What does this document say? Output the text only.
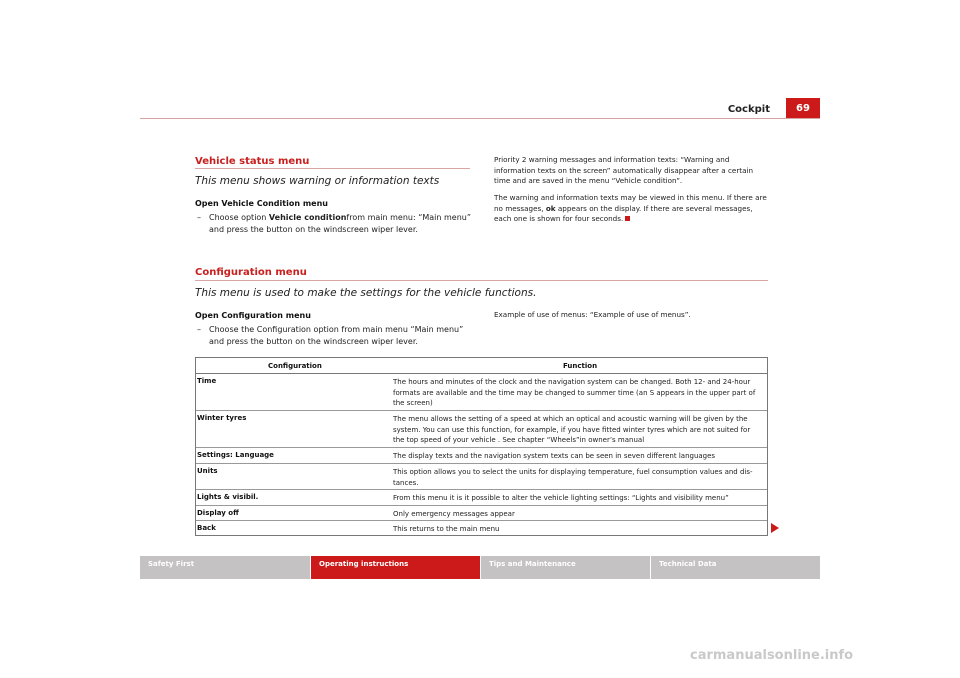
Cockpit	69
Vehicle status menu
This menu shows warning or information texts
Open Vehicle Condition menu
–	Choose option Vehicle conditionfrom main menu: “Main menu” and press the button on the windscreen wiper lever.
Priority 2 warning messages and information texts: “Warning and information texts on the screen” automatically disappear after a certain time and are saved in the menu “Vehicle condition”.
The warning and information texts may be viewed in this menu. If there are no messages, ok appears on the display. If there are several messages, each one is shown for four seconds.
Configuration menu
This menu is used to make the settings for the vehicle functions.
Open Configuration menu
–	Choose the Configuration option from main menu “Main menu” and press the button on the windscreen wiper lever.
Example of use of menus: “Example of use of menus”.
Configuration	Function
Time	The hours and minutes of the clock and the navigation system can be changed. Both 12- and 24-hour formats are available and the time may be changed to summer time (an S appears in the upper part of the screen)
Winter tyres	The menu allows the setting of a speed at which an optical and acoustic warning will be given by the system. You can use this function, for example, if you have fitted winter tyres which are not suited for the top speed of your vehicle . See chapter “Wheels”in owner’s manual
Settings: Language	The display texts and the navigation system texts can be seen in seven different languages
Units	This option allows you to select the units for displaying temperature, fuel consumption values and dis-tances.
Lights & visibil.	From this menu it is it possible to alter the vehicle lighting settings: “Lights and visibility menu”
Display off	Only emergency messages appear
Back	This returns to the main menu
Safety First	Operating instructions	Tips and Maintenance	Technical Data
carmanualsonline.info
